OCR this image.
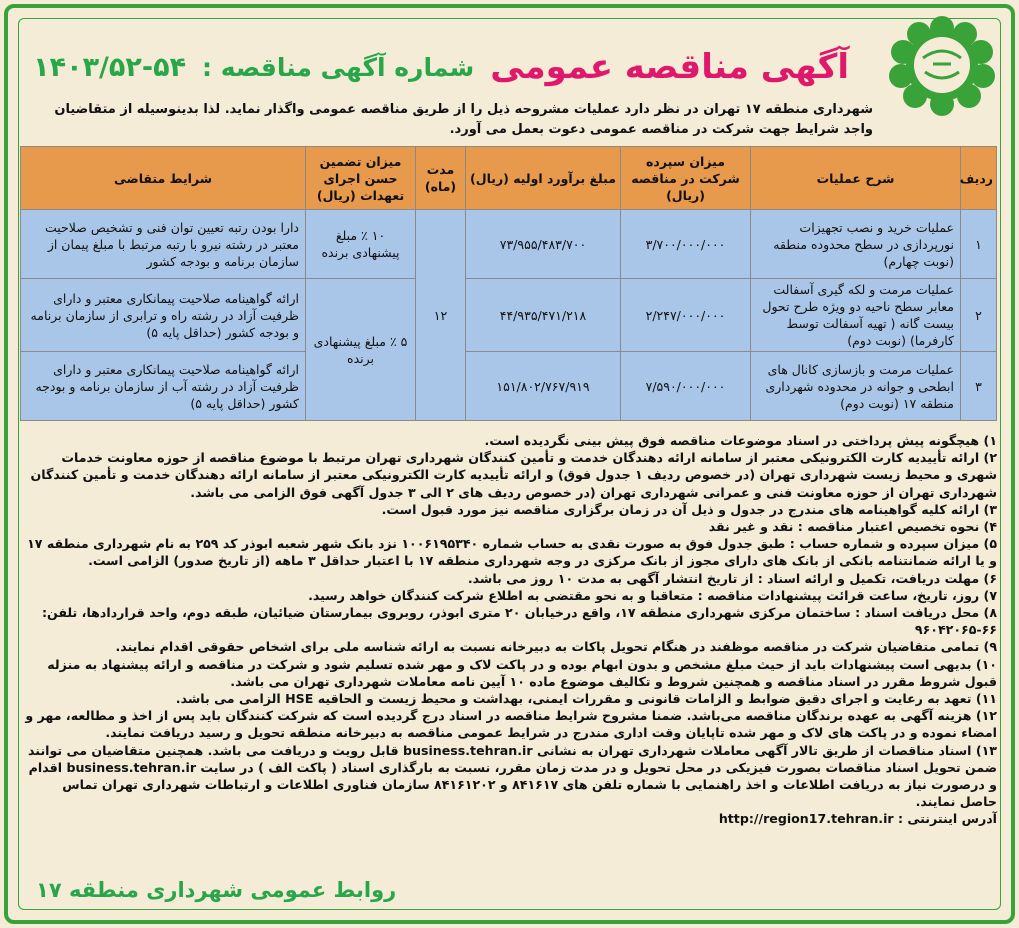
آگهی مناقصه عمومی
شماره آگهی مناقصه :
۱۴۰۳/۵۲-۵۴
شهرداری منطقه ۱۷ تهران در نظر دارد عملیات مشروحه ذیل را از طریق مناقصه عمومی واگذار نماید. لذا بدینوسیله از متقاضیان واجد شرایط جهت شرکت در مناقصه عمومی دعوت بعمل می آورد.
ردیف	شرح عملیات	میزان سپرده شرکت در مناقصه (ریال)	مبلغ برآورد اولیه (ریال)	مدت (ماه)	میزان تضمین حسن اجرای تعهدات (ریال)	شرایط متقاضی
۱	عملیات خرید و نصب تجهیزات نورپردازی در سطح محدوده منطقه (نوبت چهارم)	۳/۷۰۰/۰۰۰/۰۰۰	۷۳/۹۵۵/۴۸۳/۷۰۰	۱۲	۱۰ ٪ مبلغ پیشنهادی برنده	دارا بودن رتبه تعیین توان فنی و تشخیص صلاحیت معتبر در رشته نیرو با رتبه مرتبط با مبلغ پیمان از سازمان برنامه و بودجه کشور
۲	عملیات مرمت و لکه گیری آسفالت معابر سطح ناحیه دو ویژه طرح تحول بیست گانه ( تهیه آسفالت توسط کارفرما) (نوبت دوم)	۲/۲۴۷/۰۰۰/۰۰۰	۴۴/۹۳۵/۴۷۱/۲۱۸		۵ ٪ مبلغ پیشنهادی برنده	ارائه گواهینامه صلاحیت پیمانکاری معتبر و دارای ظرفیت آزاد در رشته راه و ترابری از سازمان برنامه و بودجه کشور (حداقل پایه ۵)
۳	عملیات مرمت و بازسازی کانال های ابطحی و جوانه در محدوده شهرداری منطقه ۱۷ (نوبت دوم)	۷/۵۹۰/۰۰۰/۰۰۰	۱۵۱/۸۰۲/۷۶۷/۹۱۹			ارائه گواهینامه صلاحیت پیمانکاری معتبر و دارای ظرفیت آزاد در رشته آب از سازمان برنامه و بودجه کشور (حداقل پایه ۵)

۱) هیچگونه پیش پرداختی در اسناد موضوعات مناقصه فوق پیش بینی نگردیده است.

۲) ارائه تأییدیه کارت الکترونیکی معتبر از سامانه ارائه دهندگان خدمت و تأمین کنندگان شهرداری تهران مرتبط با موضوع مناقصه از حوزه معاونت خدمات شهری و محیط زیست شهرداری تهران (در خصوص ردیف ۱ جدول فوق) و ارائه تأییدیه کارت الکترونیکی معتبر از سامانه ارائه دهندگان خدمت و تأمین کنندگان شهرداری تهران از حوزه معاونت فنی و عمرانی شهرداری تهران (در خصوص ردیف های ۲ الی ۳ جدول آگهی فوق الزامی می باشد.

۳) ارائه کلیه گواهینامه های مندرج در جدول و ذیل آن در زمان برگزاری مناقصه نیز مورد قبول است.

۴) نحوه تخصیص اعتبار مناقصه : نقد و غیر نقد

۵) میزان سپرده و شماره حساب : طبق جدول فوق به صورت نقدی به حساب شماره ۱۰۰۶۱۹۵۳۴۰ نزد بانک شهر شعبه ابوذر کد ۲۵۹ به نام شهرداری منطقه ۱۷ و یا ارائه ضمانتنامه بانکی از بانک های دارای مجوز از بانک مرکزی در وجه شهرداری منطقه ۱۷ با اعتبار حداقل ۳ ماهه (از تاریخ صدور) الزامی است.

۶) مهلت دریافت، تکمیل و ارائه اسناد : از تاریخ انتشار آگهی به مدت ۱۰ روز می باشد.

۷) روز، تاریخ، ساعت قرائت پیشنهادات مناقصه : متعاقبا و به نحو مقتضی به اطلاع شرکت کنندگان خواهد رسید.

۸) محل دریافت اسناد : ساختمان مرکزی شهرداری منطقه ۱۷، واقع درخیابان ۲۰ متری ابوذر، روبروی بیمارستان ضیائیان، طبقه دوم، واحد قراردادها، تلفن: ۶۶-۹۶۰۴۲۰۶۵

۹) تمامی متقاضیان شرکت در مناقصه موظفند در هنگام تحویل پاکات به دبیرخانه نسبت به ارائه شناسه ملی برای اشخاص حقوقی اقدام نمایند.

۱۰) بدیهی است پیشنهادات باید از حیث مبلغ مشخص و بدون ابهام بوده و در پاکت لاک و مهر شده تسلیم شود و شرکت در مناقصه و ارائه پیشنهاد به منزله قبول شروط مقرر در اسناد مناقصه و همچنین شروط و تکالیف موضوع ماده ۱۰ آیین نامه معاملات شهرداری تهران می باشد.

۱۱) تعهد به رعایت و اجرای دقیق ضوابط و الزامات قانونی و مقررات ایمنی، بهداشت و محیط زیست و الحاقیه HSE الزامی می باشد.

۱۲) هزینه آگهی به عهده برندگان مناقصه می‌باشد. ضمنا مشروح شرایط مناقصه در اسناد درج گردیده است که شرکت کنندگان باید پس از اخذ و مطالعه، مهر و امضاء نموده و در پاکت های لاک و مهر شده تاپایان وقت اداری مندرج در شرایط عمومی مناقصه به دبیرخانه منطقه تحویل و رسید دریافت نمایند.

۱۳) اسناد مناقصات از طریق تالار آگهی معاملات شهرداری تهران به نشانی business.tehran.ir قابل رویت و دریافت می باشد. همچنین متقاضیان می توانند ضمن تحویل اسناد مناقصات بصورت فیزیکی در محل تحویل و در مدت زمان مقرر، نسبت به بارگذاری اسناد ( پاکت الف ) در سایت business.tehran.ir اقدام و درصورت نیاز به دریافت اطلاعات و اخذ راهنمایی با شماره تلفن های ۸۴۱۶۱۷ و ۸۴۱۶۱۲۰۲ سازمان فناوری اطلاعات و ارتباطات شهرداری تهران تماس حاصل نمایند.

آدرس اینترنتی : http://region17.tehran.ir

روابط عمومی شهرداری منطقه ۱۷
